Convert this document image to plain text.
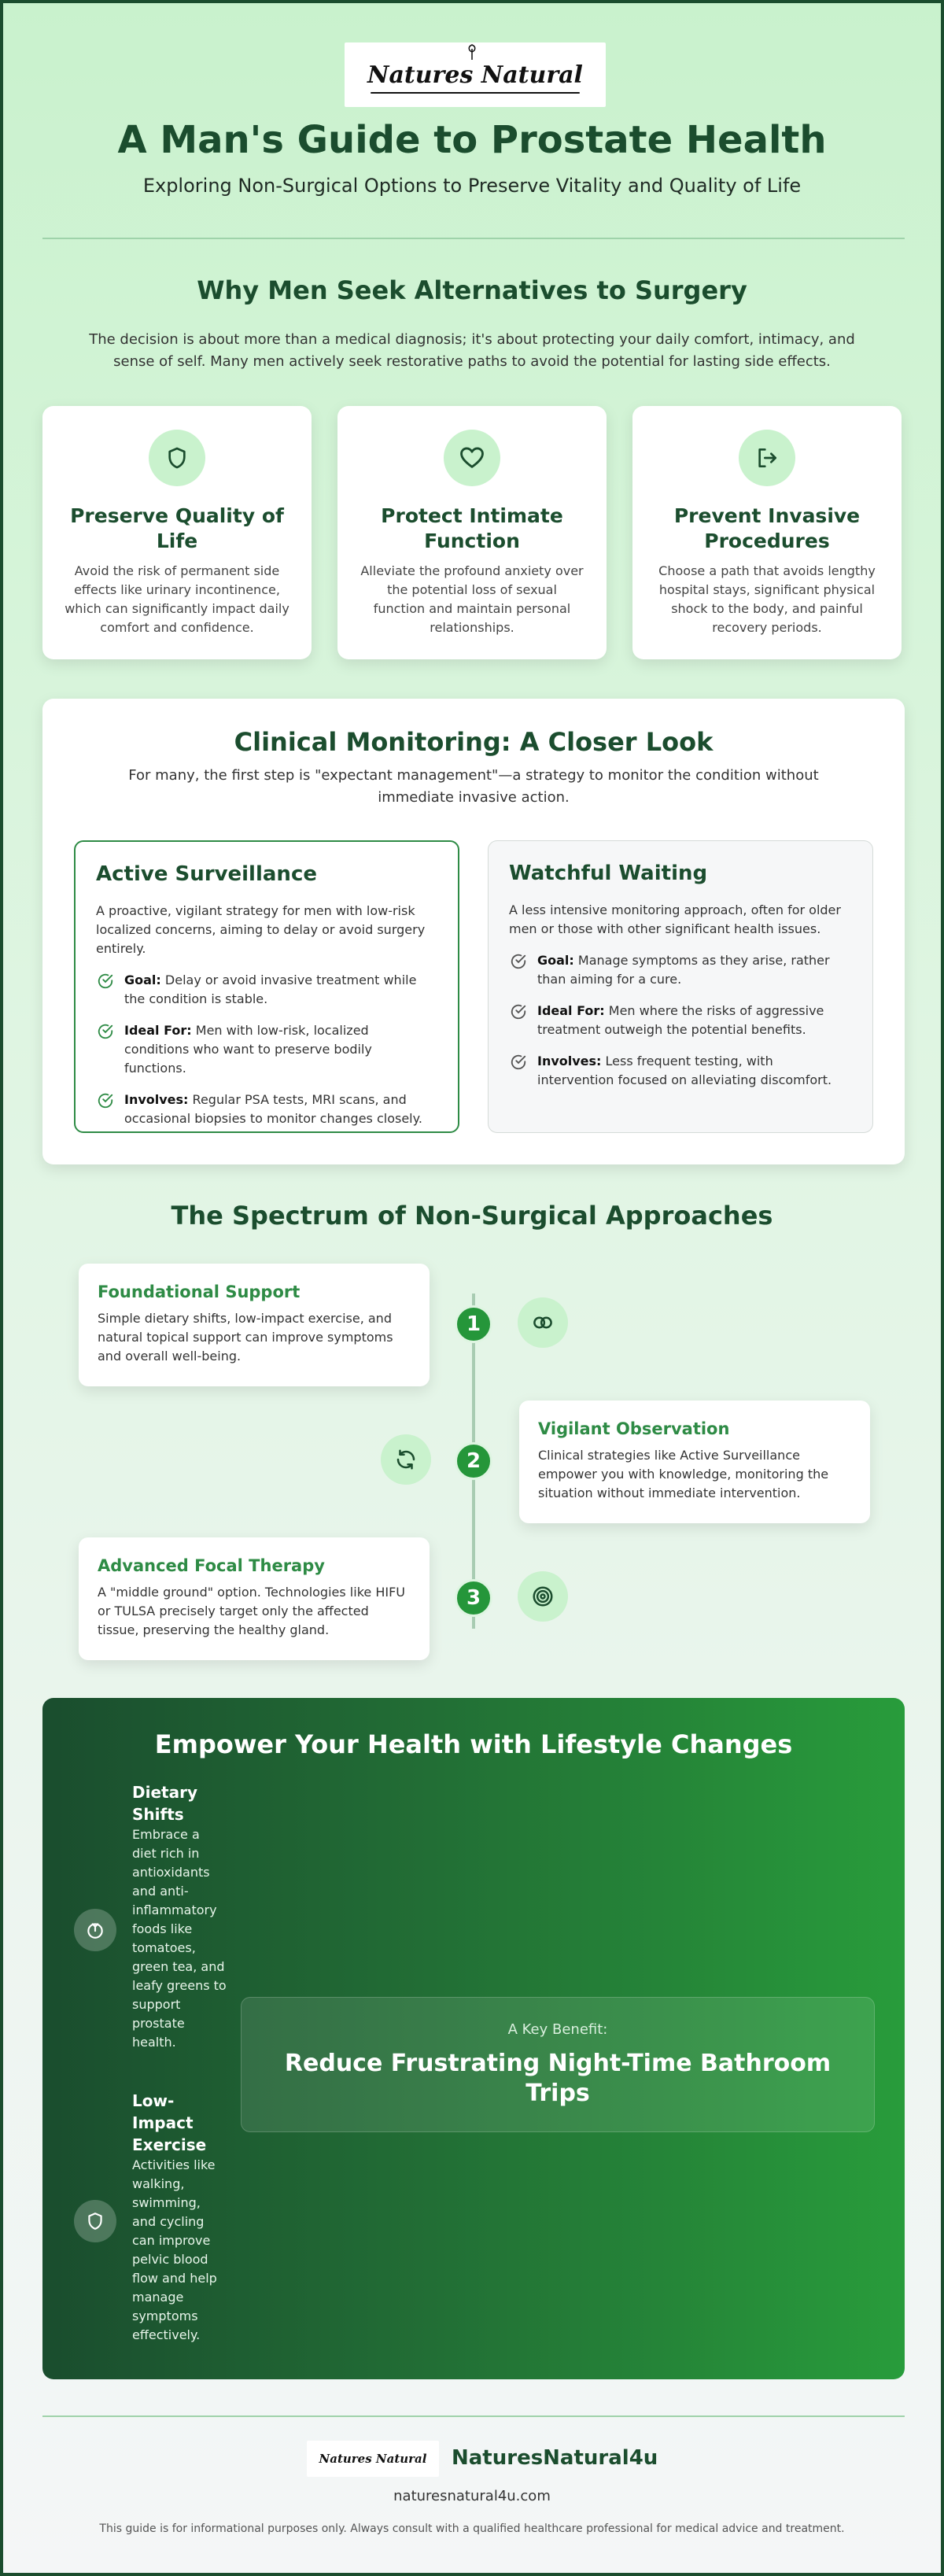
Natures Natural
A Man's Guide to Prostate Health
Exploring Non-Surgical Options to Preserve Vitality and Quality of Life
Why Men Seek Alternatives to Surgery
The decision is about more than a medical diagnosis; it's about protecting your daily comfort, intimacy, and sense of self. Many men actively seek restorative paths to avoid the potential for lasting side effects.
Preserve Quality of Life
Avoid the risk of permanent side effects like urinary incontinence, which can significantly impact daily comfort and confidence.
Protect Intimate Function
Alleviate the profound anxiety over the potential loss of sexual function and maintain personal relationships.
Prevent Invasive Procedures
Choose a path that avoids lengthy hospital stays, significant physical shock to the body, and painful recovery periods.
Clinical Monitoring: A Closer Look
For many, the first step is "expectant management"—a strategy to monitor the condition without immediate invasive action.
Active Surveillance
A proactive, vigilant strategy for men with low-risk localized concerns, aiming to delay or avoid surgery entirely.
Goal: Delay or avoid invasive treatment while the condition is stable.
Ideal For: Men with low-risk, localized conditions who want to preserve bodily functions.
Involves: Regular PSA tests, MRI scans, and occasional biopsies to monitor changes closely.
Watchful Waiting
A less intensive monitoring approach, often for older men or those with other significant health issues.
Goal: Manage symptoms as they arise, rather than aiming for a cure.
Ideal For: Men where the risks of aggressive treatment outweigh the potential benefits.
Involves: Less frequent testing, with intervention focused on alleviating discomfort.
The Spectrum of Non-Surgical Approaches
Foundational Support
Simple dietary shifts, low-impact exercise, and natural topical support can improve symptoms and overall well-being.
1
Vigilant Observation
Clinical strategies like Active Surveillance empower you with knowledge, monitoring the situation without immediate intervention.
2
Advanced Focal Therapy
A "middle ground" option. Technologies like HIFU or TULSA precisely target only the affected tissue, preserving the healthy gland.
3
Empower Your Health with Lifestyle Changes
Dietary Shifts
Embrace a diet rich in antioxidants and anti-inflammatory foods like tomatoes, green tea, and leafy greens to support prostate health.
Low-Impact Exercise
Activities like walking, swimming, and cycling can improve pelvic blood flow and help manage symptoms effectively.
A Key Benefit:
Reduce Frustrating Night-Time Bathroom Trips
Natures Natural NaturesNatural4u
naturesnatural4u.com
This guide is for informational purposes only. Always consult with a qualified healthcare professional for medical advice and treatment.
